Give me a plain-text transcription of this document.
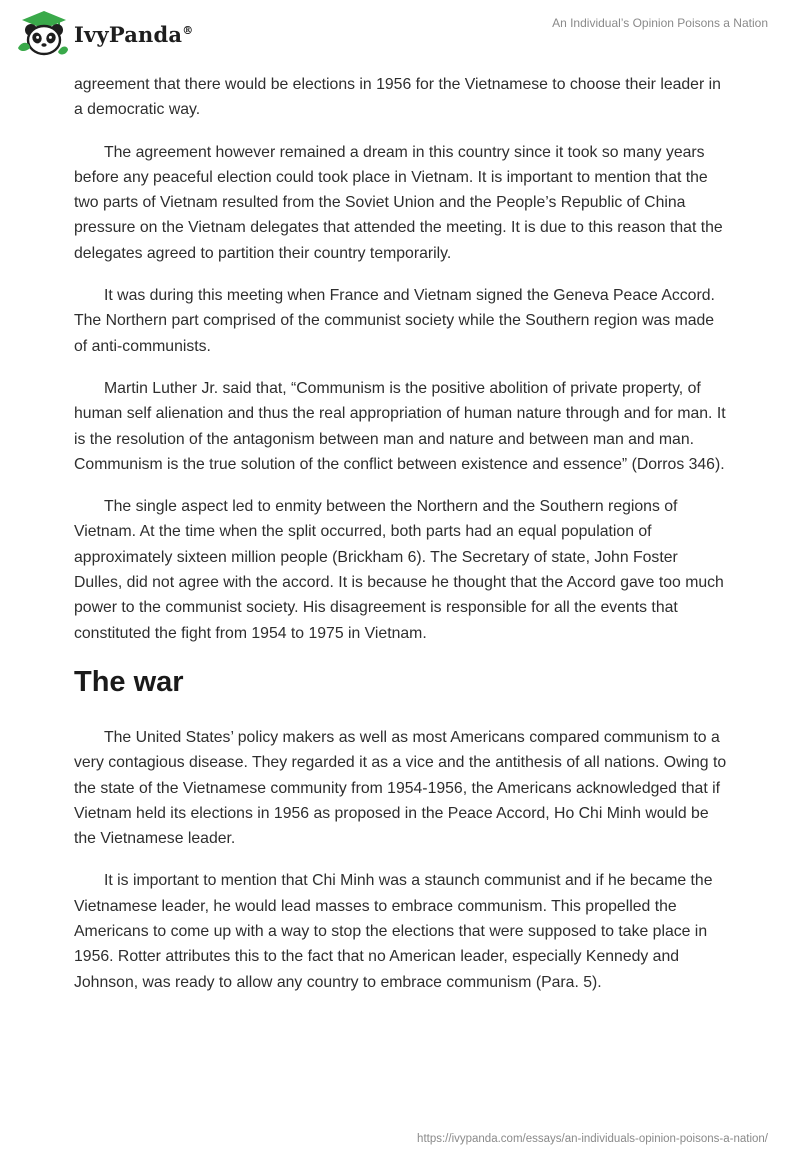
IvyPanda®	An Individual’s Opinion Poisons a Nation

agreement that there would be elections in 1956 for the Vietnamese to choose their leader in a democratic way.

The agreement however remained a dream in this country since it took so many years before any peaceful election could took place in Vietnam. It is important to mention that the two parts of Vietnam resulted from the Soviet Union and the People’s Republic of China pressure on the Vietnam delegates that attended the meeting. It is due to this reason that the delegates agreed to partition their country temporarily.

It was during this meeting when France and Vietnam signed the Geneva Peace Accord. The Northern part comprised of the communist society while the Southern region was made of anti-communists.

Martin Luther Jr. said that, “Communism is the positive abolition of private property, of human self alienation and thus the real appropriation of human nature through and for man. It is the resolution of the antagonism between man and nature and between man and man. Communism is the true solution of the conflict between existence and essence” (Dorros 346).

The single aspect led to enmity between the Northern and the Southern regions of Vietnam. At the time when the split occurred, both parts had an equal population of approximately sixteen million people (Brickham 6). The Secretary of state, John Foster Dulles, did not agree with the accord. It is because he thought that the Accord gave too much power to the communist society. His disagreement is responsible for all the events that constituted the fight from 1954 to 1975 in Vietnam.

The war

The United States’ policy makers as well as most Americans compared communism to a very contagious disease. They regarded it as a vice and the antithesis of all nations. Owing to the state of the Vietnamese community from 1954-1956, the Americans acknowledged that if Vietnam held its elections in 1956 as proposed in the Peace Accord, Ho Chi Minh would be the Vietnamese leader.

It is important to mention that Chi Minh was a staunch communist and if he became the Vietnamese leader, he would lead masses to embrace communism. This propelled the Americans to come up with a way to stop the elections that were supposed to take place in 1956. Rotter attributes this to the fact that no American leader, especially Kennedy and Johnson, was ready to allow any country to embrace communism (Para. 5).

https://ivypanda.com/essays/an-individuals-opinion-poisons-a-nation/
